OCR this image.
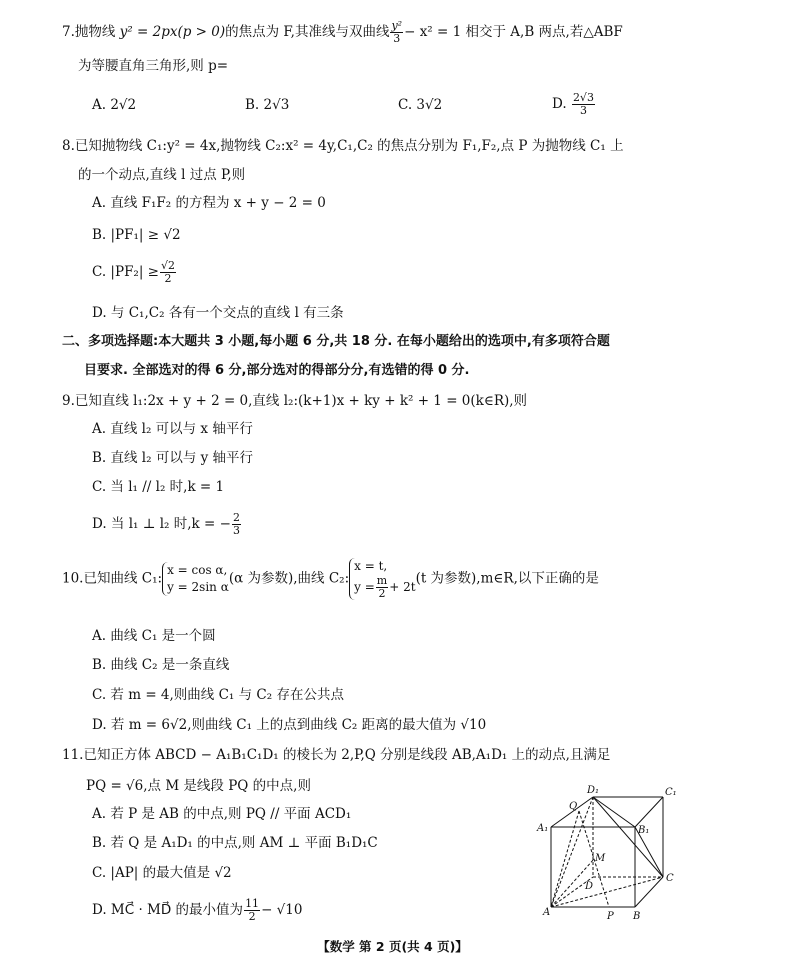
7.抛物线 y² = 2px(p > 0)的焦点为 F,其准线与双曲线 $\frac{\text{y²}}{3} - x^2 = 1$ 相交于 A,B 两点,若△ABF
为等腰直角三角形,则 p=
A. 2√2	B. 2√3	C. 3√2	D. $\frac{2√3}{3}$
8.已知抛物线 C₁:y² = 4x,抛物线 C₂:x² = 4y,C₁,C₂ 的焦点分别为 F₁,F₂,点 P 为抛物线 C₁ 上
的一个动点,直线 l 过点 P,则
A. 直线 F₁F₂ 的方程为 x + y − 2 = 0
B. |PF₁| ≥ √2
C. $|PF_2| \ge \frac{√2}{2}$
D. 与 C₁,C₂ 各有一个交点的直线 l 有三条
二、多项选择题:本大题共 3 小题,每小题 6 分,共 18 分. 在每小题给出的选项中,有多项符合题
目要求. 全部选对的得 6 分,部分选对的得部分分,有选错的得 0 分.
9.已知直线 l₁:2x + y + 2 = 0,直线 l₂:(k+1)x + ky + k² + 1 = 0(k∈R),则
A. 直线 l₂ 可以与 x 轴平行
B. 直线 l₂ 可以与 y 轴平行
C. 当 l₁ // l₂ 时,k = 1
D. 当 l₁ ⊥ l₂ 时,k = − $\frac{2}{3}$
10.已知曲线 C₁:
x = cos α,
y = 2sin α
(α 为参数),曲线 C₂:
x = t,
$y = \frac{m}{2} + 2t$
(t 为参数),m∈R,以下正确的是
A. 曲线 C₁ 是一个圆
B. 曲线 C₂ 是一条直线
C. 若 m = 4,则曲线 C₁ 与 C₂ 存在公共点
D. 若 m = 6√2,则曲线 C₁ 上的点到曲线 C₂ 距离的最大值为 √10
11.已知正方体 ABCD − A₁B₁C₁D₁ 的棱长为 2,P,Q 分别是线段 AB,A₁D₁ 上的动点,且满足
PQ = √6,点 M 是线段 PQ 的中点,则
A. 若 P 是 AB 的中点,则 PQ // 平面 ACD₁
B. 若 Q 是 A₁D₁ 的中点,则 AM ⊥ 平面 B₁D₁C
C. |AP| 的最大值是 √2
D. MC⃗ · MD⃗ 的最小值为 $\frac{11}{2} - √10$
D₁	C₁
A₁	B₁
Q
M
D
C
A	P B
【数学 第 2 页(共 4 页)】
